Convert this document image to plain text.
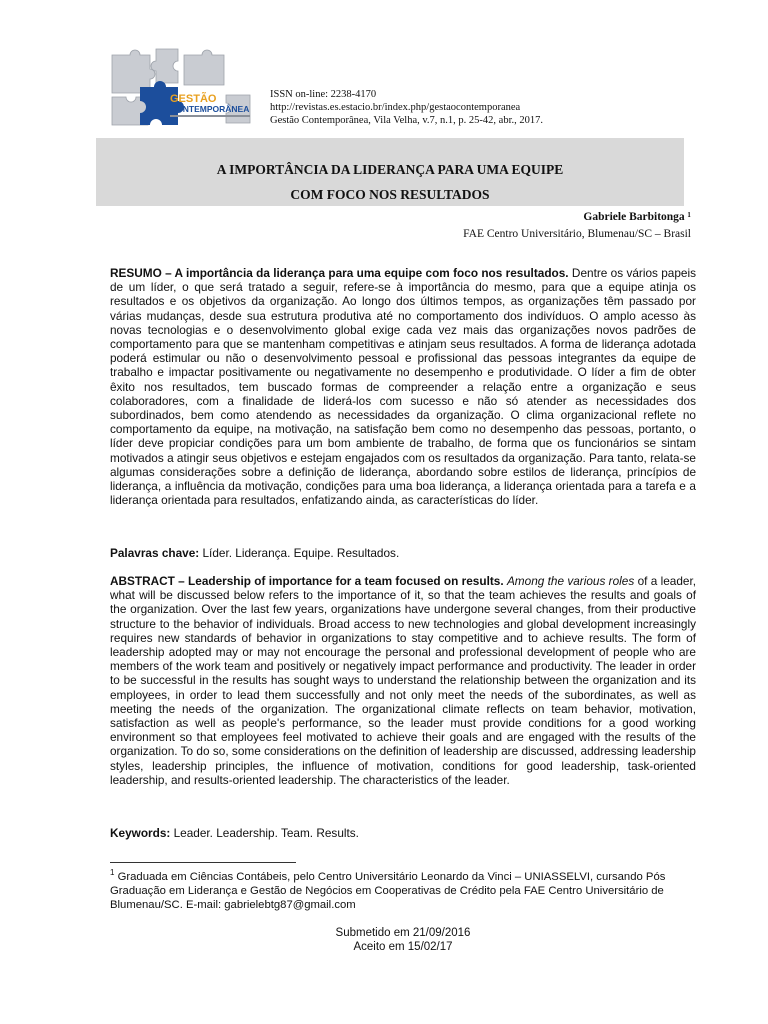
GESTÃO
CONTEMPORÂNEA
ISSN on-line: 2238-4170
http://revistas.es.estacio.br/index.php/gestaocontemporanea
Gestão Contemporânea, Vila Velha, v.7, n.1, p. 25-42, abr., 2017.
A IMPORTÂNCIA DA LIDERANÇA PARA UMA EQUIPE
COM FOCO NOS RESULTADOS
Gabriele Barbitonga ¹
FAE Centro Universitário, Blumenau/SC – Brasil
RESUMO – A importância da liderança para uma equipe com foco nos resultados. Dentre os vários papeis de um líder, o que será tratado a seguir, refere-se à importância do mesmo, para que a equipe atinja os resultados e os objetivos da organização. Ao longo dos últimos tempos, as organizações têm passado por várias mudanças, desde sua estrutura produtiva até no comportamento dos indivíduos. O amplo acesso às novas tecnologias e o desenvolvimento global exige cada vez mais das organizações novos padrões de comportamento para que se mantenham competitivas e atinjam seus resultados. A forma de liderança adotada poderá estimular ou não o desenvolvimento pessoal e profissional das pessoas integrantes da equipe de trabalho e impactar positivamente ou negativamente no desempenho e produtividade. O líder a fim de obter êxito nos resultados, tem buscado formas de compreender a relação entre a organização e seus colaboradores, com a finalidade de liderá-los com sucesso e não só atender as necessidades dos subordinados, bem como atendendo as necessidades da organização. O clima organizacional reflete no comportamento da equipe, na motivação, na satisfação bem como no desempenho das pessoas, portanto, o líder deve propiciar condições para um bom ambiente de trabalho, de forma que os funcionários se sintam motivados a atingir seus objetivos e estejam engajados com os resultados da organização. Para tanto, relata-se algumas considerações sobre a definição de liderança, abordando sobre estilos de liderança, princípios de liderança, a influência da motivação, condições para uma boa liderança, a liderança orientada para a tarefa e a liderança orientada para resultados, enfatizando ainda, as características do líder.
Palavras chave: Líder. Liderança. Equipe. Resultados.
ABSTRACT – Leadership of importance for a team focused on results. Among the various roles of a leader, what will be discussed below refers to the importance of it, so that the team achieves the results and goals of the organization. Over the last few years, organizations have undergone several changes, from their productive structure to the behavior of individuals. Broad access to new technologies and global development increasingly requires new standards of behavior in organizations to stay competitive and to achieve results. The form of leadership adopted may or may not encourage the personal and professional development of people who are members of the work team and positively or negatively impact performance and productivity. The leader in order to be successful in the results has sought ways to understand the relationship between the organization and its employees, in order to lead them successfully and not only meet the needs of the subordinates, as well as meeting the needs of the organization. The organizational climate reflects on team behavior, motivation, satisfaction as well as people's performance, so the leader must provide conditions for a good working environment so that employees feel motivated to achieve their goals and are engaged with the results of the organization. To do so, some considerations on the definition of leadership are discussed, addressing leadership styles, leadership principles, the influence of motivation, conditions for good leadership, task-oriented leadership, and results-oriented leadership. The characteristics of the leader.
Keywords: Leader. Leadership. Team. Results.
$^1$ Graduada em Ciências Contábeis, pelo Centro Universitário Leonardo da Vinci – UNIASSELVI, cursando Pós Graduação em Liderança e Gestão de Negócios em Cooperativas de Crédito pela FAE Centro Universitário de Blumenau/SC. E-mail: gabrielebtg87@gmail.com
Submetido em 21/09/2016
Aceito em 15/02/17
